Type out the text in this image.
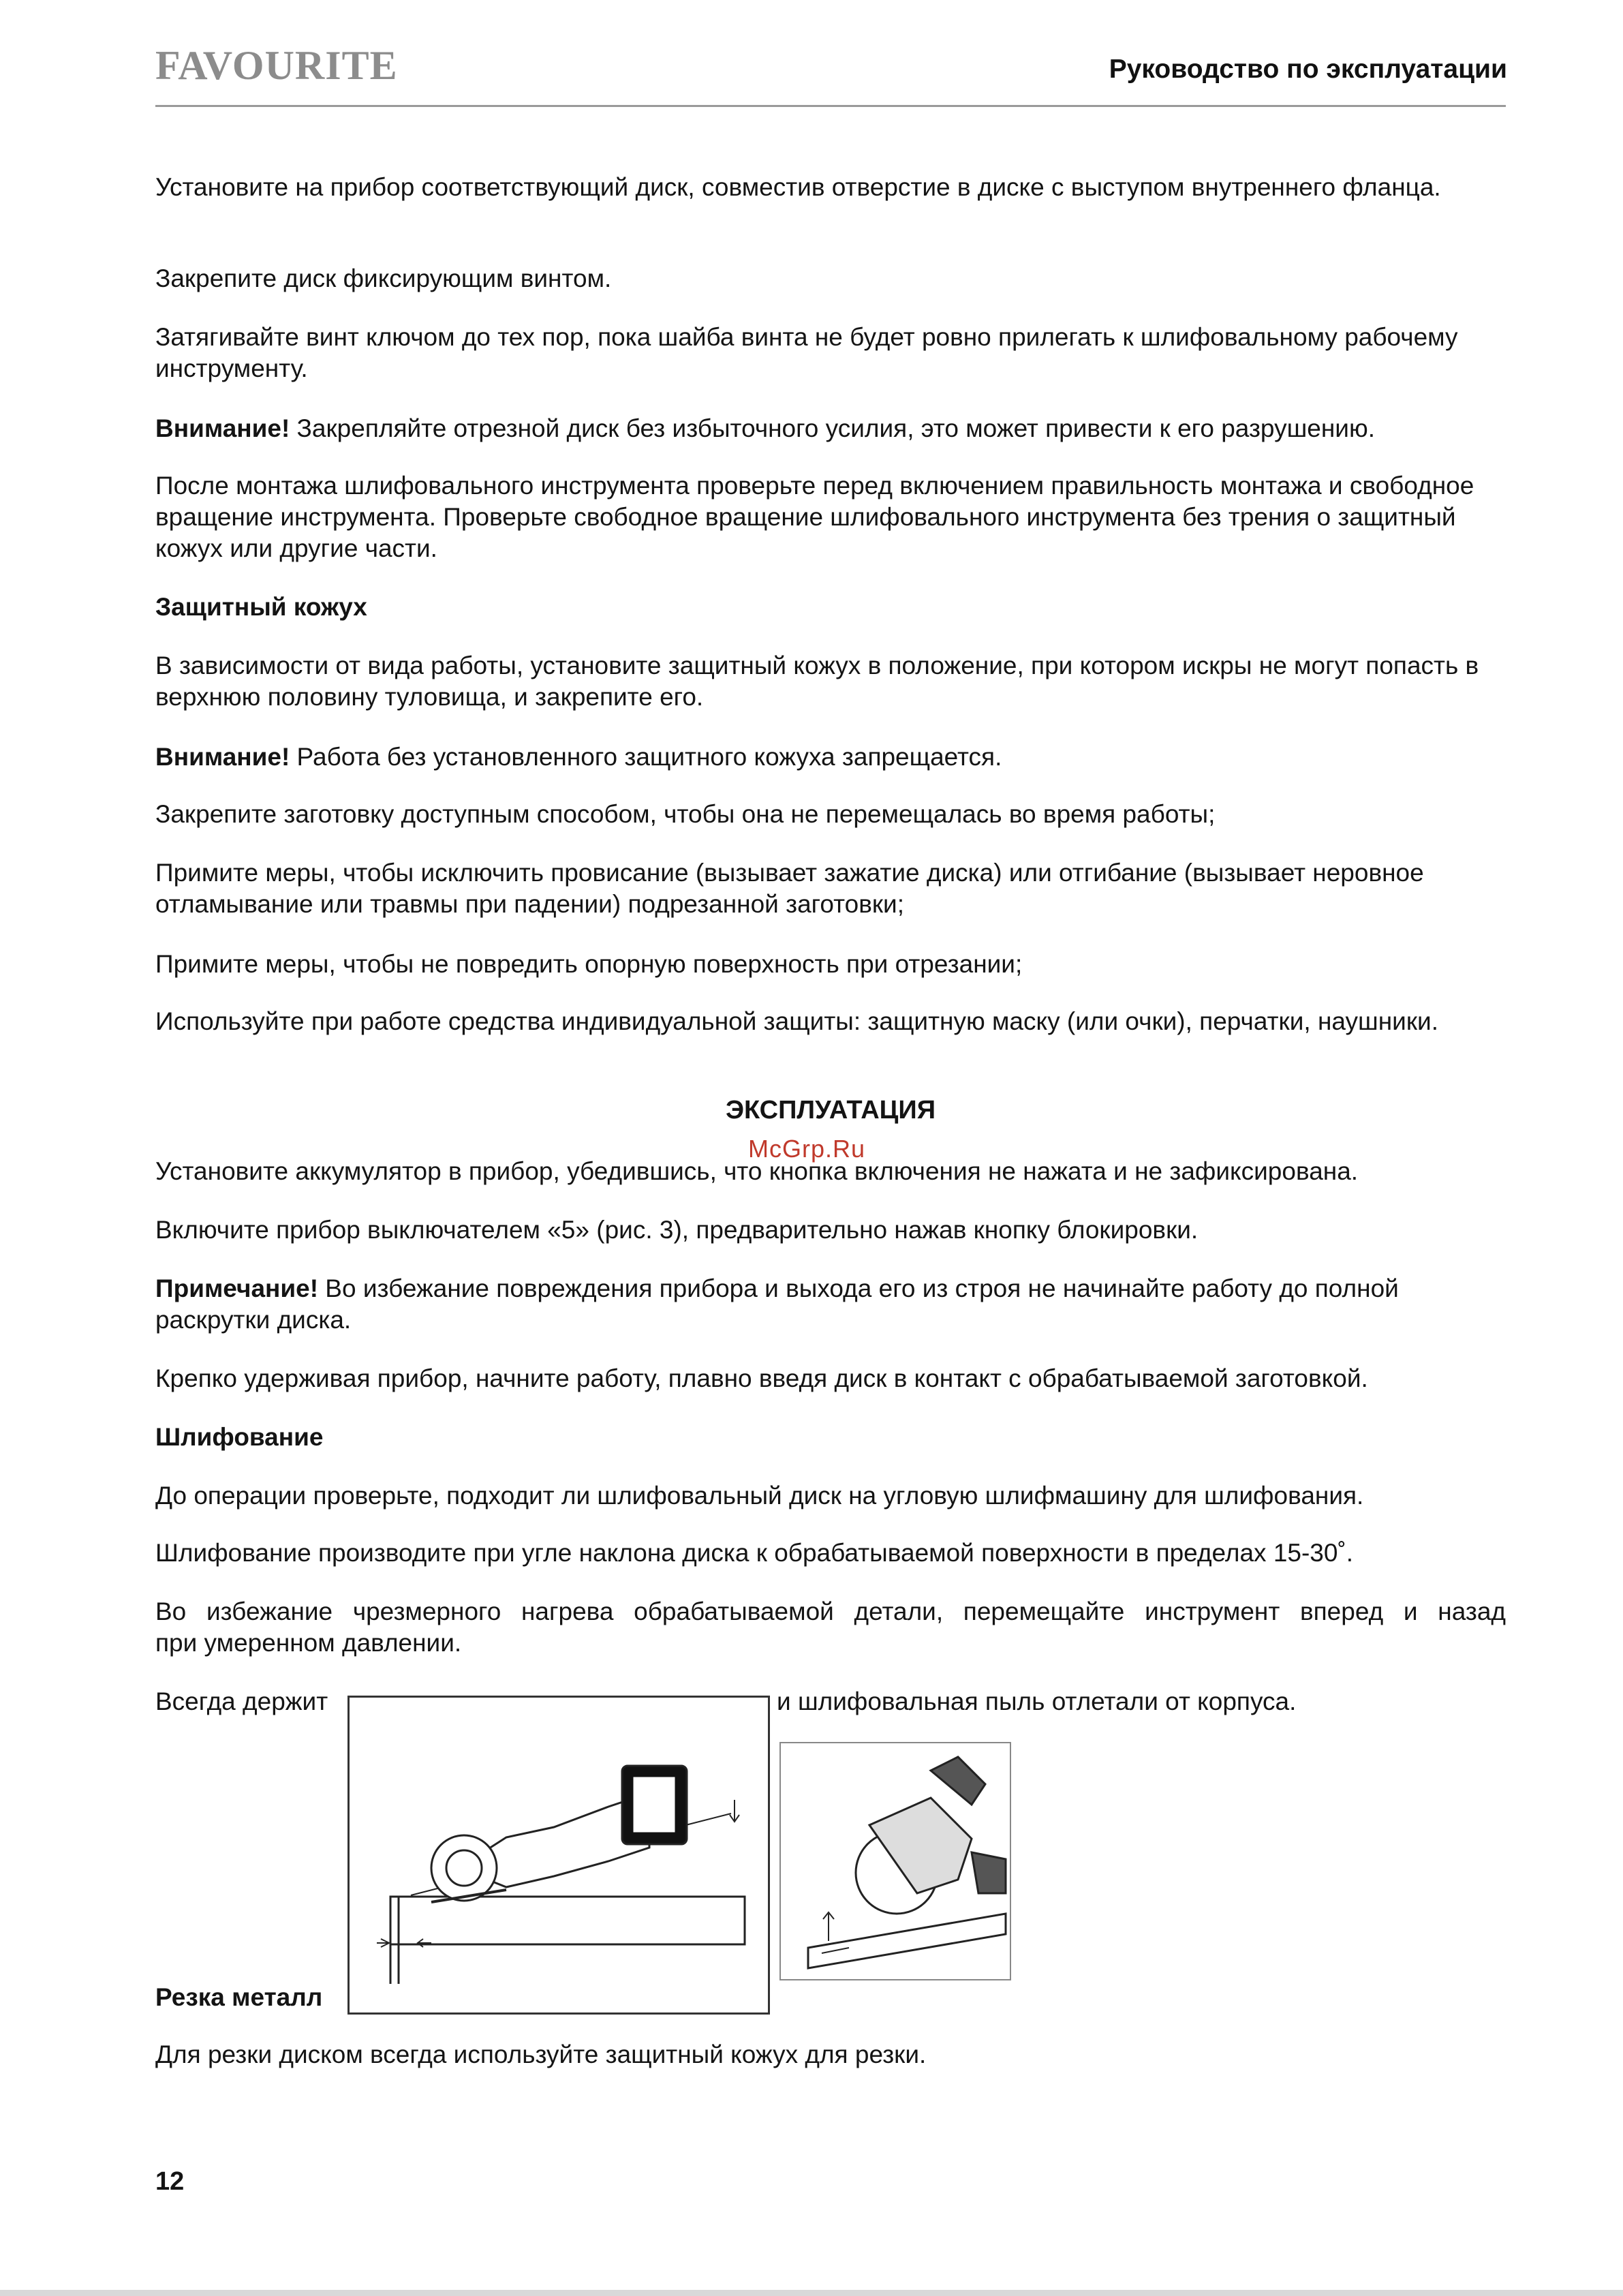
FAVOURITE	Руководство по эксплуатации

Установите на прибор соответствующий диск, совместив отверстие в диске с выступом внутреннего фланца.

Закрепите диск фиксирующим винтом.

Затягивайте винт ключом до тех пор, пока шайба винта не будет ровно прилегать к шлифовальному рабочему инструменту.

Внимание! Закрепляйте отрезной диск без избыточного усилия, это может привести к его разрушению.

После монтажа шлифовального инструмента проверьте перед включением правильность монтажа и свободное вращение инструмента. Проверьте свободное вращение шлифовального инструмента без трения о защитный кожух или другие части.

Защитный кожух

В зависимости от вида работы, установите защитный кожух в положение, при котором искры не могут попасть в верхнюю половину туловища, и закрепите его.

Внимание! Работа без установленного защитного кожуха запрещается.

Закрепите заготовку доступным способом, чтобы она не перемещалась во время работы;

Примите меры, чтобы исключить провисание (вызывает зажатие диска) или отгибание (вызывает неровное отламывание или травмы при падении) подрезанной заготовки;

Примите меры, чтобы не повредить опорную поверхность при отрезании;

Используйте при работе средства индивидуальной защиты: защитную маску (или очки), перчатки, наушники.

ЭКСПЛУАТАЦИЯ
McGrp.Ru

Установите аккумулятор в прибор, убедившись, что кнопка включения не нажата и не зафиксирована.

Включите прибор выключателем «5» (рис. 3), предварительно нажав кнопку блокировки.

Примечание! Во избежание повреждения прибора и выхода его из строя не начинайте работу до полной раскрутки диска.

Крепко удерживая прибор, начните работу, плавно введя диск в контакт с обрабатываемой заготовкой.

Шлифование

До операции проверьте, подходит ли шлифовальный диск на угловую шлифмашину для шлифования.

Шлифование производите при угле наклона диска к обрабатываемой поверхности в пределах 15-30˚.

Во избежание чрезмерного нагрева обрабатываемой детали, перемещайте инструмент вперед и назад

при умеренном давлении.

Всегда держит	и шлифовальная пыль отлетали от корпуса.

Резка металл

Для резки диском всегда используйте защитный кожух для резки.

12
